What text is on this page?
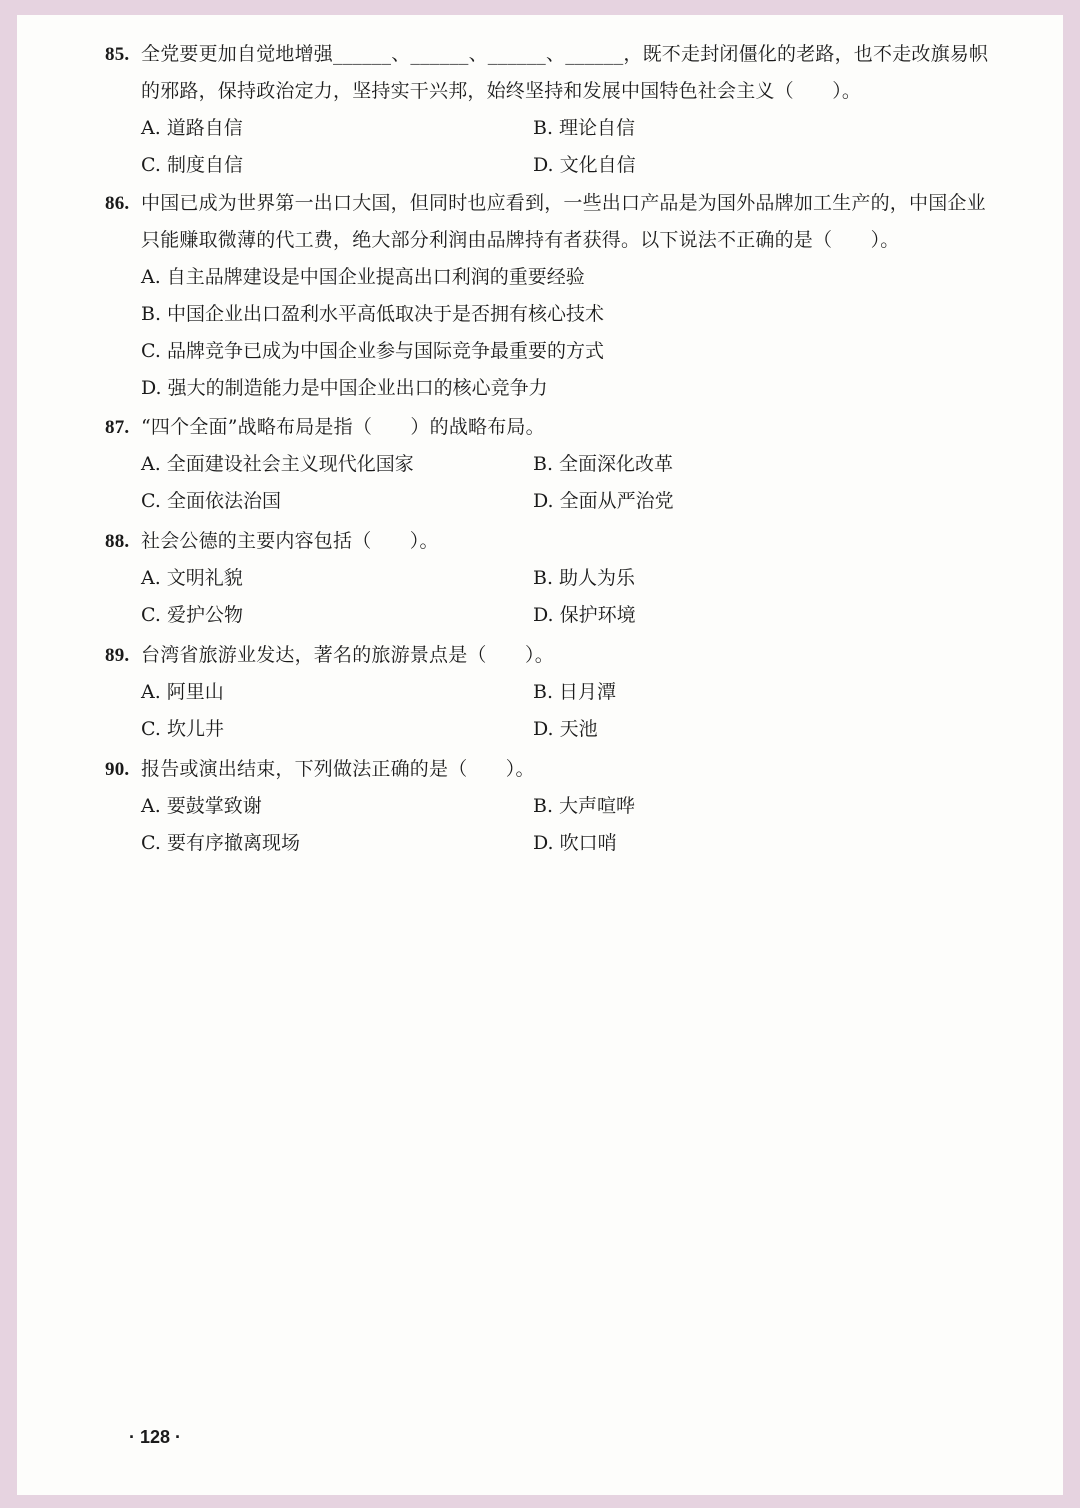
85. 全党要更加自觉地增强______、______、______、______，既不走封闭僵化的老路，也不走改旗易帜
的邪路，保持政治定力，坚持实干兴邦，始终坚持和发展中国特色社会主义（　　）。
A. 道路自信	B. 理论自信
C. 制度自信	D. 文化自信
86. 中国已成为世界第一出口大国，但同时也应看到，一些出口产品是为国外品牌加工生产的，中国企业
只能赚取微薄的代工费，绝大部分利润由品牌持有者获得。以下说法不正确的是（　　）。
A. 自主品牌建设是中国企业提高出口利润的重要经验
B. 中国企业出口盈利水平高低取决于是否拥有核心技术
C. 品牌竞争已成为中国企业参与国际竞争最重要的方式
D. 强大的制造能力是中国企业出口的核心竞争力
87. “四个全面”战略布局是指（　　）的战略布局。
A. 全面建设社会主义现代化国家	B. 全面深化改革
C. 全面依法治国	D. 全面从严治党
88. 社会公德的主要内容包括（　　）。
A. 文明礼貌	B. 助人为乐
C. 爱护公物	D. 保护环境
89. 台湾省旅游业发达，著名的旅游景点是（　　）。
A. 阿里山	B. 日月潭
C. 坎儿井	D. 天池
90. 报告或演出结束，下列做法正确的是（　　）。
A. 要鼓掌致谢	B. 大声喧哗
C. 要有序撤离现场	D. 吹口哨
· 128 ·
